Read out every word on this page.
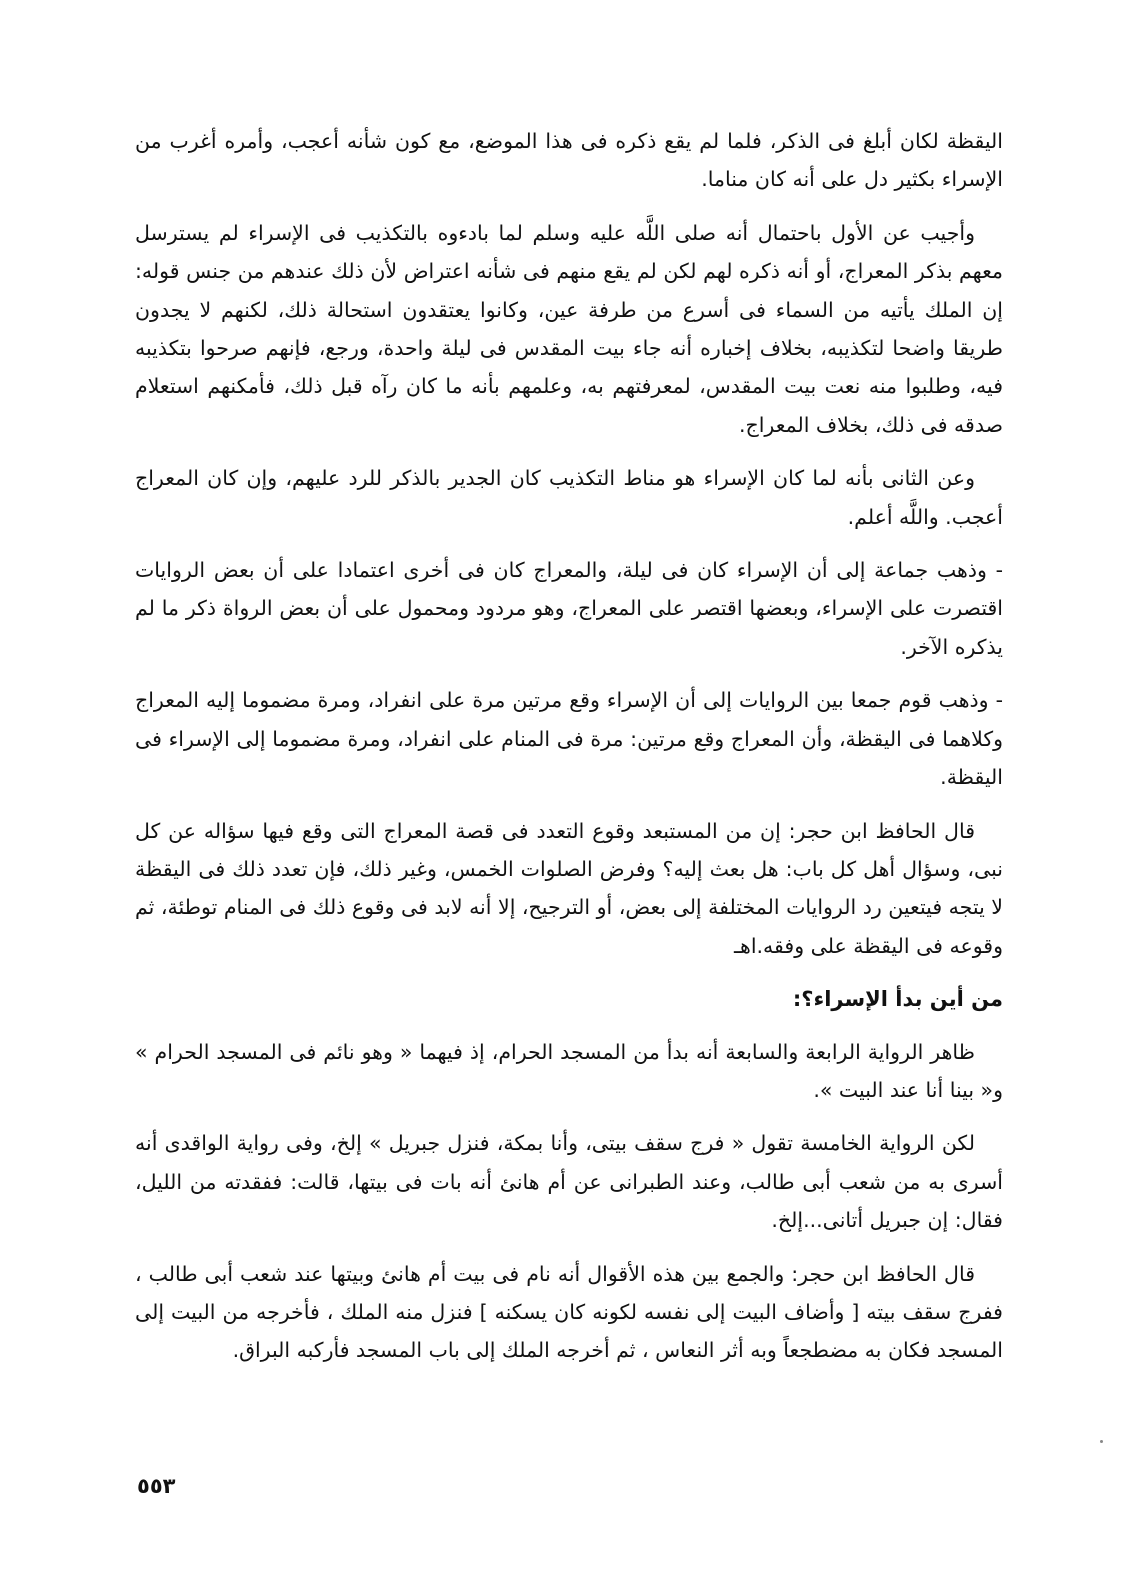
اليقظة لكان أبلغ فى الذكر، فلما لم يقع ذكره فى هذا الموضع، مع كون شأنه أعجب، وأمره أغرب من الإسراء بكثير دل على أنه كان مناما.

وأجيب عن الأول باحتمال أنه صلى اللَّه عليه وسلم لما بادءوه بالتكذيب فى الإسراء لم يسترسل معهم بذكر المعراج، أو أنه ذكره لهم لكن لم يقع منهم فى شأنه اعتراض لأن ذلك عندهم من جنس قوله: إن الملك يأتيه من السماء فى أسرع من طرفة عين، وكانوا يعتقدون استحالة ذلك، لكنهم لا يجدون طريقا واضحا لتكذيبه، بخلاف إخباره أنه جاء بيت المقدس فى ليلة واحدة، ورجع، فإنهم صرحوا بتكذيبه فيه، وطلبوا منه نعت بيت المقدس، لمعرفتهم به، وعلمهم بأنه ما كان رآه قبل ذلك، فأمكنهم استعلام صدقه فى ذلك، بخلاف المعراج.

وعن الثانى بأنه لما كان الإسراء هو مناط التكذيب كان الجدير بالذكر للرد عليهم، وإن كان المعراج أعجب. واللَّه أعلم.

- وذهب جماعة إلى أن الإسراء كان فى ليلة، والمعراج كان فى أخرى اعتمادا على أن بعض الروايات اقتصرت على الإسراء، وبعضها اقتصر على المعراج، وهو مردود ومحمول على أن بعض الرواة ذكر ما لم يذكره الآخر.

- وذهب قوم جمعا بين الروايات إلى أن الإسراء وقع مرتين مرة على انفراد، ومرة مضموما إليه المعراج وكلاهما فى اليقظة، وأن المعراج وقع مرتين: مرة فى المنام على انفراد، ومرة مضموما إلى الإسراء فى اليقظة.

قال الحافظ ابن حجر: إن من المستبعد وقوع التعدد فى قصة المعراج التى وقع فيها سؤاله عن كل نبى، وسؤال أهل كل باب: هل بعث إليه؟ وفرض الصلوات الخمس، وغير ذلك، فإن تعدد ذلك فى اليقظة لا يتجه فيتعين رد الروايات المختلفة إلى بعض، أو الترجيح، إلا أنه لابد فى وقوع ذلك فى المنام توطئة، ثم وقوعه فى اليقظة على وفقه.اهـ

من أين بدأ الإسراء؟:

ظاهر الرواية الرابعة والسابعة أنه بدأ من المسجد الحرام، إذ فيهما « وهو نائم فى المسجد الحرام » و« بينا أنا عند البيت ».

لكن الرواية الخامسة تقول « فرج سقف بيتى، وأنا بمكة، فنزل جبريل » إلخ، وفى رواية الواقدى أنه أسرى به من شعب أبى طالب، وعند الطبرانى عن أم هانئ أنه بات فى بيتها، قالت: ففقدته من الليل، فقال: إن جبريل أتانى...إلخ.

قال الحافظ ابن حجر: والجمع بين هذه الأقوال أنه نام فى بيت أم هانئ وبيتها عند شعب أبى طالب ، ففرج سقف بيته [ وأضاف البيت إلى نفسه لكونه كان يسكنه ] فنزل منه الملك ، فأخرجه من البيت إلى المسجد فكان به مضطجعاً وبه أثر النعاس ، ثم أخرجه الملك إلى باب المسجد فأركبه البراق.

٥٥٣
